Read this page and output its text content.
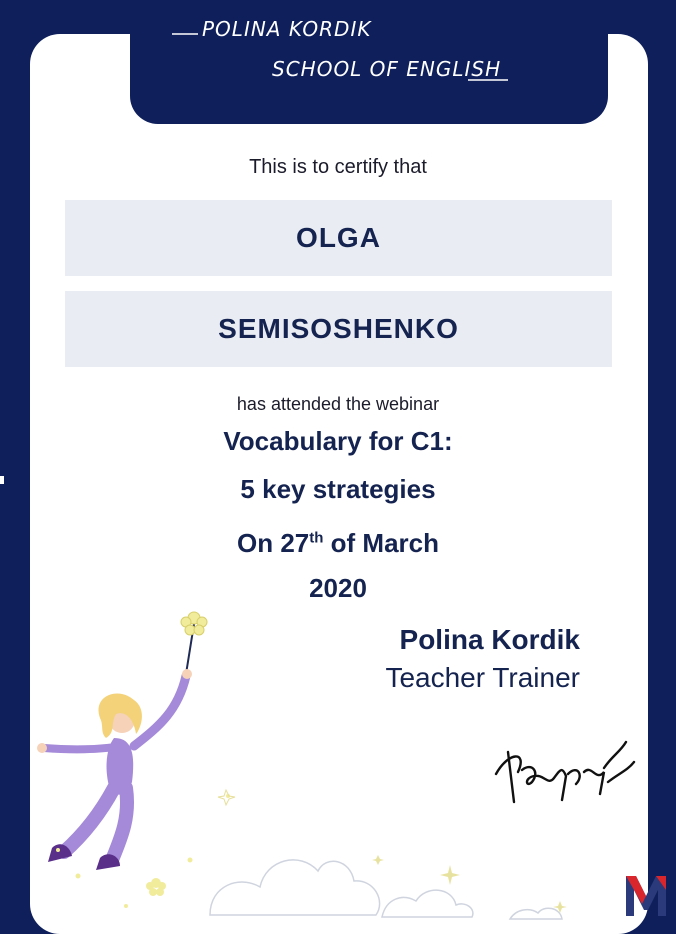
POLINA KORDIK
SCHOOL OF ENGLISH
This is to certify that
OLGA
SEMISOSHENKO
has attended the webinar
Vocabulary for C1:
5 key strategies
On 27th of March
2020
Polina Kordik
Teacher Trainer
